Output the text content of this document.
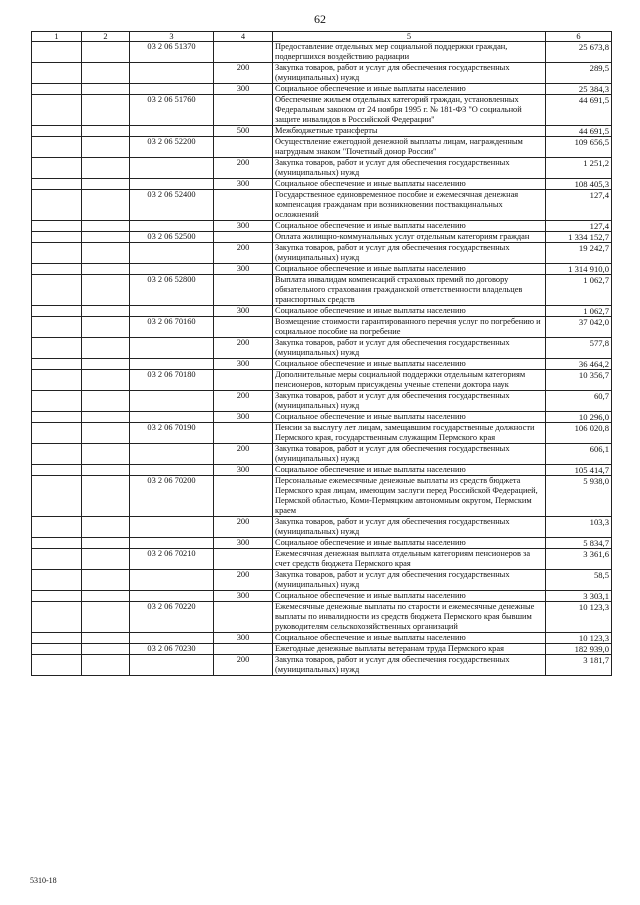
62
1	2	3	4	5	6
		03 2 06 51370		Предоставление отдельных мер социальной поддержки граждан, подвергшихся воздействию радиации	25 673,8
			200	Закупка товаров, работ и услуг для обеспечения государственных (муниципальных) нужд	289,5
			300	Социальное обеспечение и иные выплаты населению	25 384,3
		03 2 06 51760		Обеспечение жильем отдельных категорий граждан, установленных Федеральным законом от 24 ноября 1995 г. № 181-ФЗ "О социальной защите инвалидов в Российской Федерации"	44 691,5
			500	Межбюджетные трансферты	44 691,5
		03 2 06 52200		Осуществление ежегодной денежной выплаты лицам, награжденным нагрудным знаком "Почетный донор России"	109 656,5
			200	Закупка товаров, работ и услуг для обеспечения государственных (муниципальных) нужд	1 251,2
			300	Социальное обеспечение и иные выплаты населению	108 405,3
		03 2 06 52400		Государственное единовременное пособие и ежемесячная денежная компенсация гражданам при возникновении поствакцинальных осложнений	127,4
			300	Социальное обеспечение и иные выплаты населению	127,4
		03 2 06 52500		Оплата жилищно-коммунальных услуг отдельным категориям граждан	1 334 152,7
			200	Закупка товаров, работ и услуг для обеспечения государственных (муниципальных) нужд	19 242,7
			300	Социальное обеспечение и иные выплаты населению	1 314 910,0
		03 2 06 52800		Выплата инвалидам компенсаций страховых премий по договору обязательного страхования гражданской ответственности владельцев транспортных средств	1 062,7
			300	Социальное обеспечение и иные выплаты населению	1 062,7
		03 2 06 70160		Возмещение стоимости гарантированного перечня услуг по погребению и социальное пособие на погребение	37 042,0
			200	Закупка товаров, работ и услуг для обеспечения государственных (муниципальных) нужд	577,8
			300	Социальное обеспечение и иные выплаты населению	36 464,2
		03 2 06 70180		Дополнительные меры социальной поддержки отдельным категориям пенсионеров, которым присуждены ученые степени доктора наук	10 356,7
			200	Закупка товаров, работ и услуг для обеспечения государственных (муниципальных) нужд	60,7
			300	Социальное обеспечение и иные выплаты населению	10 296,0
		03 2 06 70190		Пенсии за выслугу лет лицам, замещавшим государственные должности Пермского края, государственным служащим Пермского края	106 020,8
			200	Закупка товаров, работ и услуг для обеспечения государственных (муниципальных) нужд	606,1
			300	Социальное обеспечение и иные выплаты населению	105 414,7
		03 2 06 70200		Персональные ежемесячные денежные выплаты из средств бюджета Пермского края лицам, имеющим заслуги перед Российской Федерацией, Пермской областью, Коми-Пермяцким автономным округом, Пермским краем	5 938,0
			200	Закупка товаров, работ и услуг для обеспечения государственных (муниципальных) нужд	103,3
			300	Социальное обеспечение и иные выплаты населению	5 834,7
		03 2 06 70210		Ежемесячная денежная выплата отдельным категориям пенсионеров за счет средств бюджета Пермского края	3 361,6
			200	Закупка товаров, работ и услуг для обеспечения государственных (муниципальных) нужд	58,5
			300	Социальное обеспечение и иные выплаты населению	3 303,1
		03 2 06 70220		Ежемесячные денежные выплаты по старости и ежемесячные денежные выплаты по инвалидности из средств бюджета Пермского края бывшим руководителям сельскохозяйственных организаций	10 123,3
			300	Социальное обеспечение и иные выплаты населению	10 123,3
		03 2 06 70230		Ежегодные денежные выплаты ветеранам труда Пермского края	182 939,0
			200	Закупка товаров, работ и услуг для обеспечения государственных (муниципальных) нужд	3 181,7
5310-18
